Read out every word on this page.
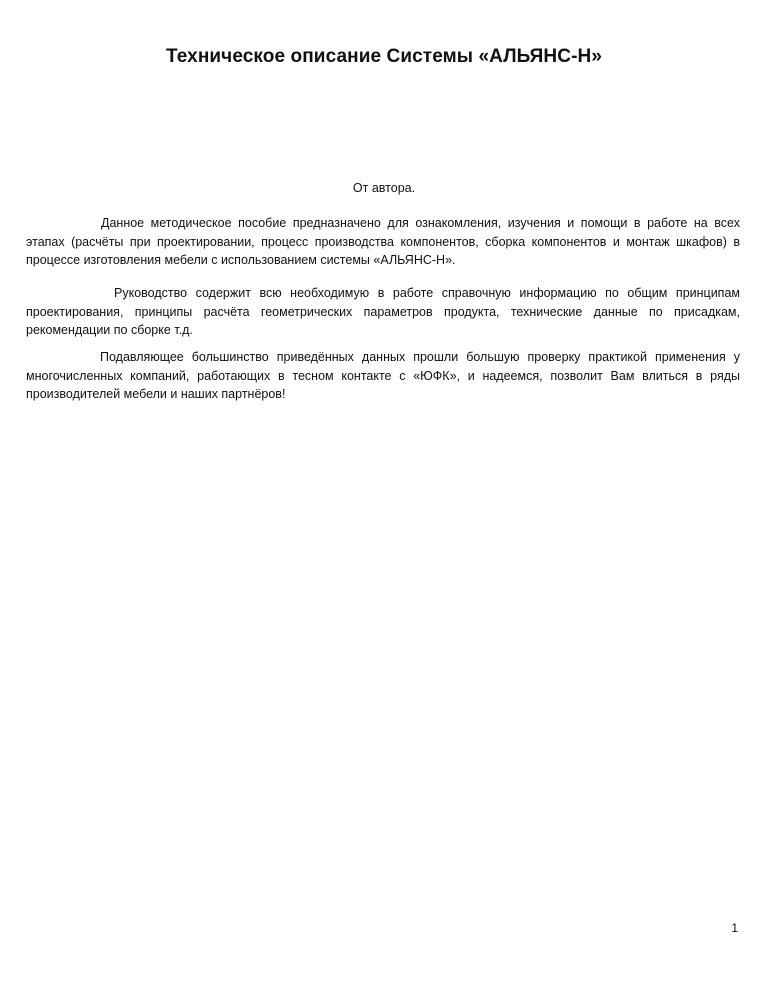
Техническое описание Системы «АЛЬЯНС-Н»

От автора.

Данное методическое пособие предназначено для ознакомления, изучения и помощи в работе на всех этапах (расчёты при проектировании, процесс производства компонентов, сборка компонентов и монтаж шкафов) в процессе изготовления мебели с использованием системы «АЛЬЯНС-Н».

Руководство содержит всю необходимую в работе справочную информацию по общим принципам проектирования, принципы расчёта геометрических параметров продукта, технические данные по присадкам, рекомендации по сборке т.д.

Подавляющее большинство приведённых данных прошли большую проверку практикой применения у многочисленных компаний, работающих в тесном контакте с «ЮФК», и надеемся, позволит Вам влиться в ряды производителей мебели и наших партнёров!

1
